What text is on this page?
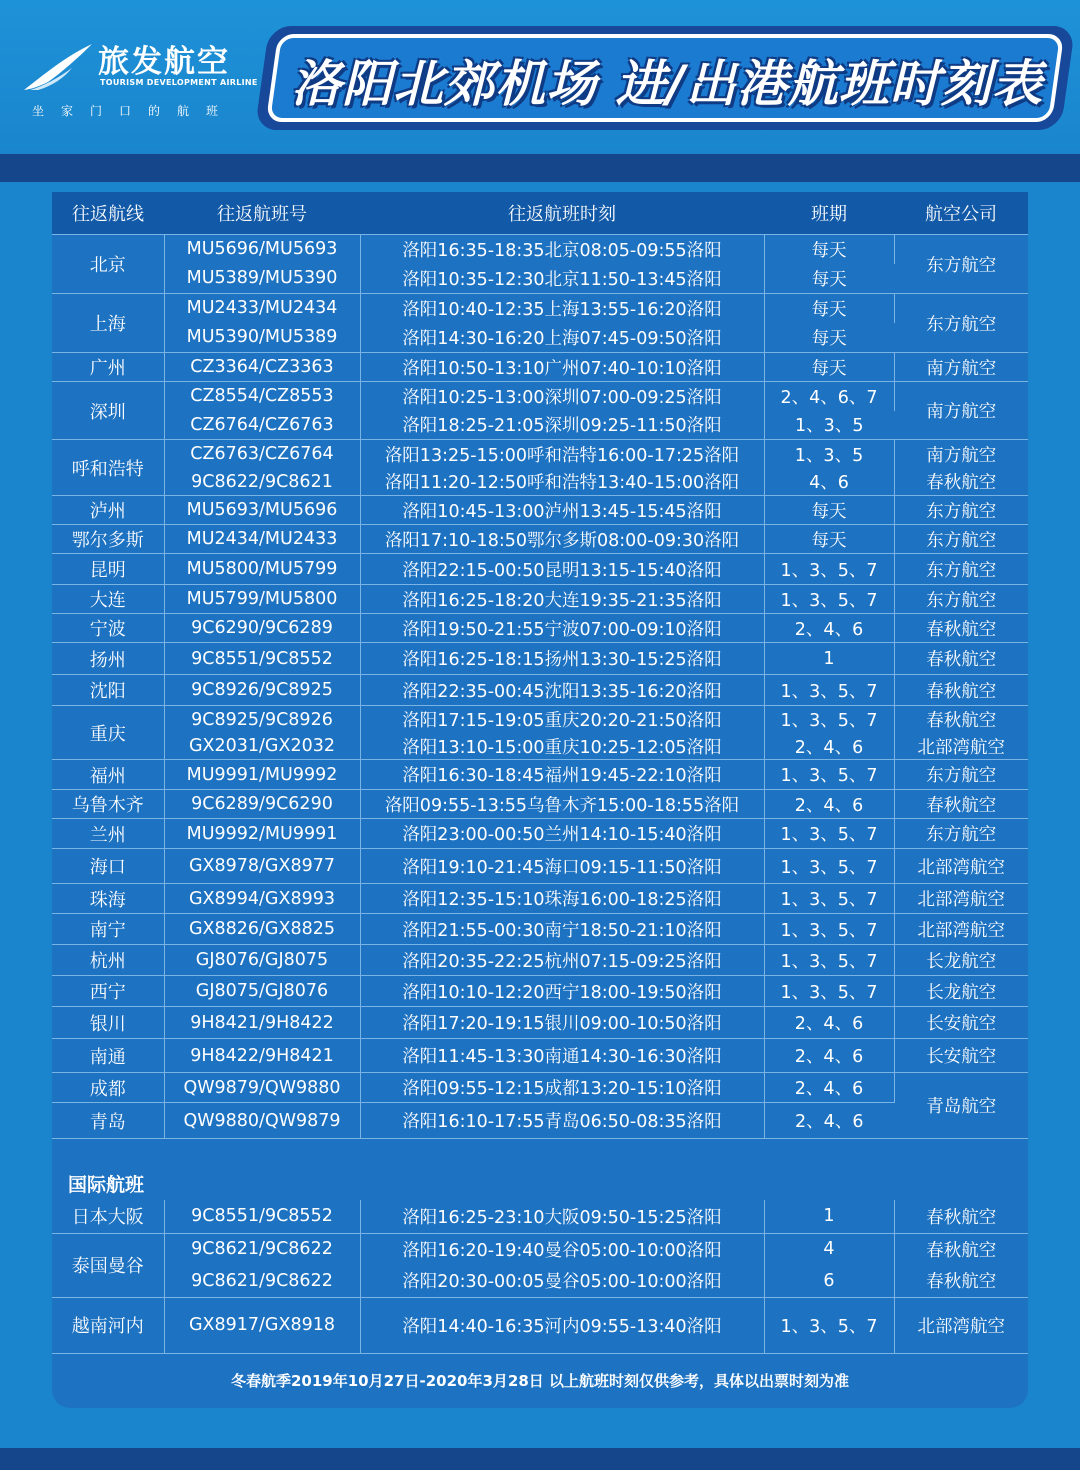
旅发航空
TOURISM DEVELOPMENT AIRLINE
坐家门口的航班	洛阳北郊机场 进/出港航班时刻表
往返航线	往返航班号	往返航班时刻	班期	航空公司
北京	MU5696/MU5693	洛阳16:35-18:35北京08:05-09:55洛阳	每天	东方航空
	MU5389/MU5390	洛阳10:35-12:30北京11:50-13:45洛阳	每天	
上海	MU2433/MU2434	洛阳10:40-12:35上海13:55-16:20洛阳	每天	东方航空
	MU5390/MU5389	洛阳14:30-16:20上海07:45-09:50洛阳	每天	
广州	CZ3364/CZ3363	洛阳10:50-13:10广州07:40-10:10洛阳	每天	南方航空
深圳	CZ8554/CZ8553	洛阳10:25-13:00深圳07:00-09:25洛阳	2、4、6、7	南方航空
	CZ6764/CZ6763	洛阳18:25-21:05深圳09:25-11:50洛阳	1、3、5	
呼和浩特	CZ6763/CZ6764	洛阳13:25-15:00呼和浩特16:00-17:25洛阳	1、3、5	南方航空
	9C8622/9C8621	洛阳11:20-12:50呼和浩特13:40-15:00洛阳	4、6	春秋航空
泸州	MU5693/MU5696	洛阳10:45-13:00泸州13:45-15:45洛阳	每天	东方航空
鄂尔多斯	MU2434/MU2433	洛阳17:10-18:50鄂尔多斯08:00-09:30洛阳	每天	东方航空
昆明	MU5800/MU5799	洛阳22:15-00:50昆明13:15-15:40洛阳	1、3、5、7	东方航空
大连	MU5799/MU5800	洛阳16:25-18:20大连19:35-21:35洛阳	1、3、5、7	东方航空
宁波	9C6290/9C6289	洛阳19:50-21:55宁波07:00-09:10洛阳	2、4、6	春秋航空
扬州	9C8551/9C8552	洛阳16:25-18:15扬州13:30-15:25洛阳	1	春秋航空
沈阳	9C8926/9C8925	洛阳22:35-00:45沈阳13:35-16:20洛阳	1、3、5、7	春秋航空
重庆	9C8925/9C8926	洛阳17:15-19:05重庆20:20-21:50洛阳	1、3、5、7	春秋航空
	GX2031/GX2032	洛阳13:10-15:00重庆10:25-12:05洛阳	2、4、6	北部湾航空
福州	MU9991/MU9992	洛阳16:30-18:45福州19:45-22:10洛阳	1、3、5、7	东方航空
乌鲁木齐	9C6289/9C6290	洛阳09:55-13:55乌鲁木齐15:00-18:55洛阳	2、4、6	春秋航空
兰州	MU9992/MU9991	洛阳23:00-00:50兰州14:10-15:40洛阳	1、3、5、7	东方航空
海口	GX8978/GX8977	洛阳19:10-21:45海口09:15-11:50洛阳	1、3、5、7	北部湾航空
珠海	GX8994/GX8993	洛阳12:35-15:10珠海16:00-18:25洛阳	1、3、5、7	北部湾航空
南宁	GX8826/GX8825	洛阳21:55-00:30南宁18:50-21:10洛阳	1、3、5、7	北部湾航空
杭州	GJ8076/GJ8075	洛阳20:35-22:25杭州07:15-09:25洛阳	1、3、5、7	长龙航空
西宁	GJ8075/GJ8076	洛阳10:10-12:20西宁18:00-19:50洛阳	1、3、5、7	长龙航空
银川	9H8421/9H8422	洛阳17:20-19:15银川09:00-10:50洛阳	2、4、6	长安航空
南通	9H8422/9H8421	洛阳11:45-13:30南通14:30-16:30洛阳	2、4、6	长安航空
成都	QW9879/QW9880	洛阳09:55-12:15成都13:20-15:10洛阳	2、4、6	青岛航空
青岛	QW9880/QW9879	洛阳16:10-17:55青岛06:50-08:35洛阳	2、4、6	
国际航班
日本大阪	9C8551/9C8552	洛阳16:25-23:10大阪09:50-15:25洛阳	1	春秋航空
泰国曼谷	9C8621/9C8622	洛阳16:20-19:40曼谷05:00-10:00洛阳	4	春秋航空
	9C8621/9C8622	洛阳20:30-00:05曼谷05:00-10:00洛阳	6	春秋航空
越南河内	GX8917/GX8918	洛阳14:40-16:35河内09:55-13:40洛阳	1、3、5、7	北部湾航空
冬春航季2019年10月27日-2020年3月28日 以上航班时刻仅供参考，具体以出票时刻为准
